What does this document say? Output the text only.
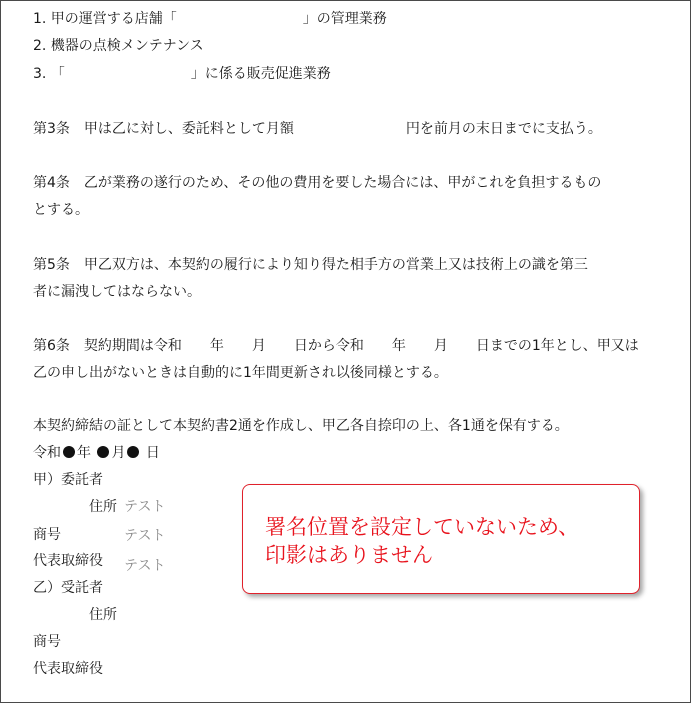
1. 甲の運営する店舗「　　　　　　　　　」の管理業務
2. 機器の点検メンテナンス
3. 「　　　　　　　　　」に係る販売促進業務
第3条　甲は乙に対し、委託料として月額　　　　　　　　円を前月の末日までに支払う。
第4条　乙が業務の遂行のため、その他の費用を要した場合には、甲がこれを負担するもの
とする。
第5条　甲乙双方は、本契約の履行により知り得た相手方の営業上又は技術上の識を第三
者に漏洩してはならない。
第6条　契約期間は令和　　年　　月　　日から令和　　年　　月　　日までの1年とし、甲又は
乙の申し出がないときは自動的に1年間更新され以後同様とする。
本契約締結の証として本契約書2通を作成し、甲乙各自捺印の上、各1通を保有する。
令和 年 月 日
甲）委託者
住所 テスト
商号	テスト
代表取締役 テスト
乙）受託者
住所
商号
代表取締役
署名位置を設定していないため、
印影はありません
